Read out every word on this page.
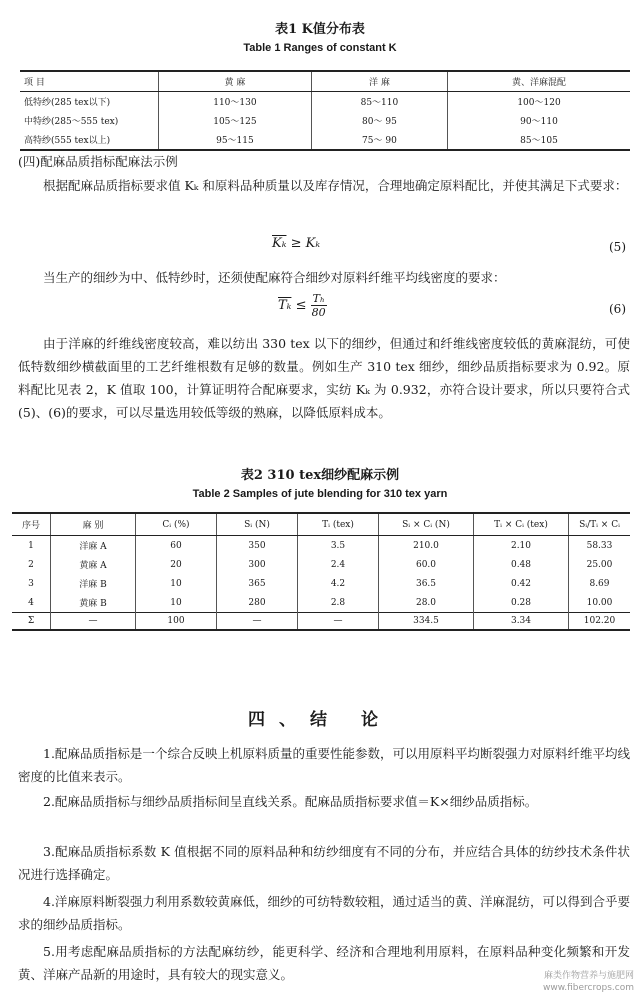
表1 K值分布表
Table 1 Ranges of constant K
项 目	黄 麻	洋 麻	黄、洋麻混配
低特纱(285 tex以下)	110～130	85～110	100～120
中特纱(285～555 tex)	105～125	80～ 95	90～110
高特纱(555 tex以上)	95～115	75～ 90	85～105
(四)配麻品质指标配麻法示例
根据配麻品质指标要求值 Kₖ 和原料品种质量以及库存情况，合理地确定原料配比，并使其满足下式要求：
$\overline{K_k} \ge K_k$	(5)
当生产的细纱为中、低特纱时，还须使配麻符合细纱对原料纤维平均线密度的要求：
$\overline{T_k} \le \frac{\text{Tₕ}}{80}$	(6)
由于洋麻的纤维线密度较高，难以纺出 330 tex 以下的细纱，但通过和纤维线密度较低的黄麻混纺，可使低特数细纱横截面里的工艺纤维根数有足够的数量。例如生产 310 tex 细纱，细纱品质指标要求为 0.92。原料配比见表 2，K 值取 100，计算证明符合配麻要求，实纺 Kₖ 为 0.932，亦符合设计要求，所以只要符合式(5)、(6)的要求，可以尽量选用较低等级的熟麻，以降低原料成本。
表2 310 tex细纱配麻示例
Table 2 Samples of jute blending for 310 tex yarn
序号	麻 别	Cᵢ (%)	Sᵢ (N)	Tᵢ (tex)	Sᵢ × Cᵢ (N)	Tᵢ × Cᵢ (tex)	Sᵢ/Tᵢ × Cᵢ
1	洋麻 A	60	350	3.5	210.0	2.10	58.33
2	黄麻 A	20	300	2.4	60.0	0.48	25.00
3	洋麻 B	10	365	4.2	36.5	0.42	8.69
4	黄麻 B	10	280	2.8	28.0	0.28	10.00
Σ	—	100	—	—	334.5	3.34	102.20
四、结 论
1.配麻品质指标是一个综合反映上机原料质量的重要性能参数，可以用原料平均断裂强力对原料纤维平均线密度的比值来表示。
2.配麻品质指标与细纱品质指标间呈直线关系。配麻品质指标要求值＝K×细纱品质指标。
3.配麻品质指标系数 K 值根据不同的原料品种和纺纱细度有不同的分布，并应结合具体的纺纱技术条件状况进行选择确定。
4.洋麻原料断裂强力利用系数较黄麻低，细纱的可纺特数较粗，通过适当的黄、洋麻混纺，可以得到合乎要求的细纱品质指标。
5.用考虑配麻品质指标的方法配麻纺纱，能更科学、经济和合理地利用原料，在原料品种变化频繁和开发黄、洋麻产品新的用途时，具有较大的现实意义。	麻类作物营养与施肥网
www.fibercrops.com
